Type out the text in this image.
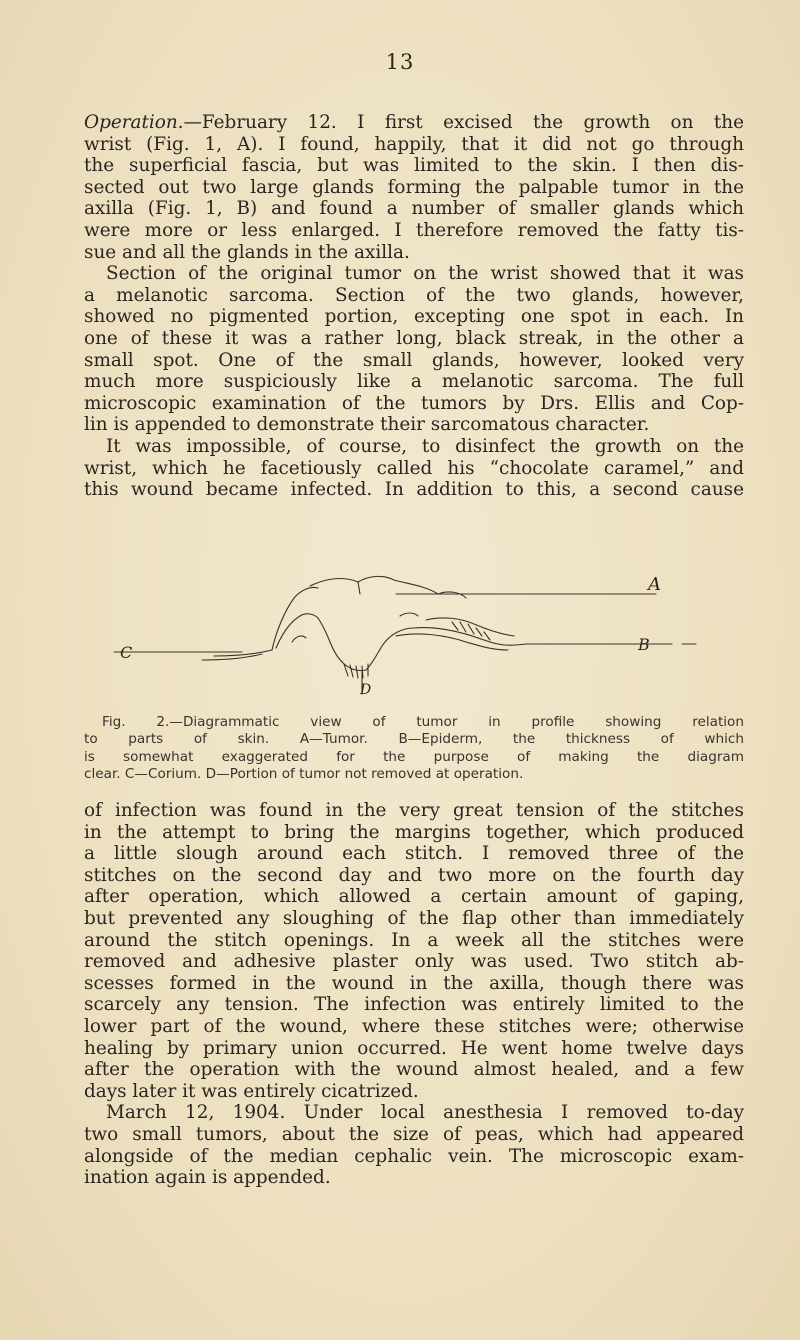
13
Operation.—February 12. I first excised the growth on the
wrist (Fig. 1, A). I found, happily, that it did not go through
the superficial fascia, but was limited to the skin. I then dis-
sected out two large glands forming the palpable tumor in the
axilla (Fig. 1, B) and found a number of smaller glands which
were more or less enlarged. I therefore removed the fatty tis-
sue and all the glands in the axilla.
Section of the original tumor on the wrist showed that it was
a melanotic sarcoma. Section of the two glands, however,
showed no pigmented portion, excepting one spot in each. In
one of these it was a rather long, black streak, in the other a
small spot. One of the small glands, however, looked very
much more suspiciously like a melanotic sarcoma. The full
microscopic examination of the tumors by Drs. Ellis and Cop-
lin is appended to demonstrate their sarcomatous character.
It was impossible, of course, to disinfect the growth on the
wrist, which he facetiously called his “chocolate caramel,” and
this wound became infected. In addition to this, a second cause
C
A
B
D
Fig. 2.—Diagrammatic view of tumor in profile showing relation
to parts of skin. A—Tumor. B—Epiderm, the thickness of which
is somewhat exaggerated for the purpose of making the diagram
clear. C—Corium. D—Portion of tumor not removed at operation.
of infection was found in the very great tension of the stitches
in the attempt to bring the margins together, which produced
a little slough around each stitch. I removed three of the
stitches on the second day and two more on the fourth day
after operation, which allowed a certain amount of gaping,
but prevented any sloughing of the flap other than immediately
around the stitch openings. In a week all the stitches were
removed and adhesive plaster only was used. Two stitch ab-
scesses formed in the wound in the axilla, though there was
scarcely any tension. The infection was entirely limited to the
lower part of the wound, where these stitches were; otherwise
healing by primary union occurred. He went home twelve days
after the operation with the wound almost healed, and a few
days later it was entirely cicatrized.
March 12, 1904. Under local anesthesia I removed to-day
two small tumors, about the size of peas, which had appeared
alongside of the median cephalic vein. The microscopic exam-
ination again is appended.
